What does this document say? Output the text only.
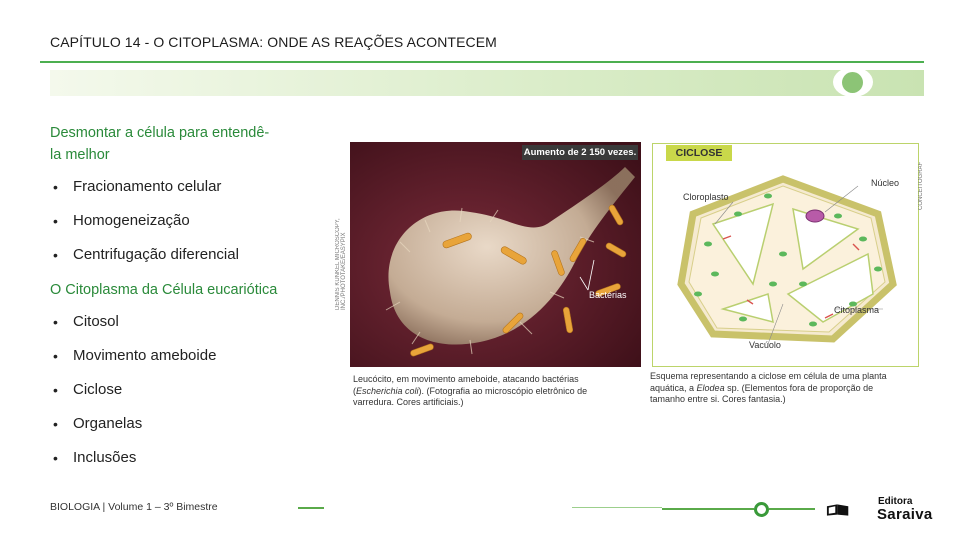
CAPÍTULO 14 - O CITOPLASMA: ONDE AS REAÇÕES ACONTECEM
Desmontar a célula para entendê-
la melhor
•	Fracionamento celular
•	Homogeneização
•	Centrifugação diferencial
O Citoplasma da Célula eucariótica
•	Citosol
•	Movimento ameboide
•	Ciclose
•	Organelas
•	Inclusões
DENNIS KUNKEL MICROSCOPY, INC./PHOTOTAKE/EASYPIX	Bactérias
Aumento de 2 150 vezes.
Leucócito, em movimento ameboide, atacando bactérias
(Escherichia coli). (Fotografia ao microscópio eletrônico de
varredura. Cores artificiais.)
CICLOSE
CONCEITOGRAF
Cloroplasto
Núcleo
Citoplasma
Vacúolo
Esquema representando a ciclose em célula de uma planta
aquática, a Elodea sp. (Elementos fora de proporção de
tamanho entre si. Cores fantasia.)
BIOLOGIA | Volume 1 – 3º Bimestre	Editora
Saraiva
